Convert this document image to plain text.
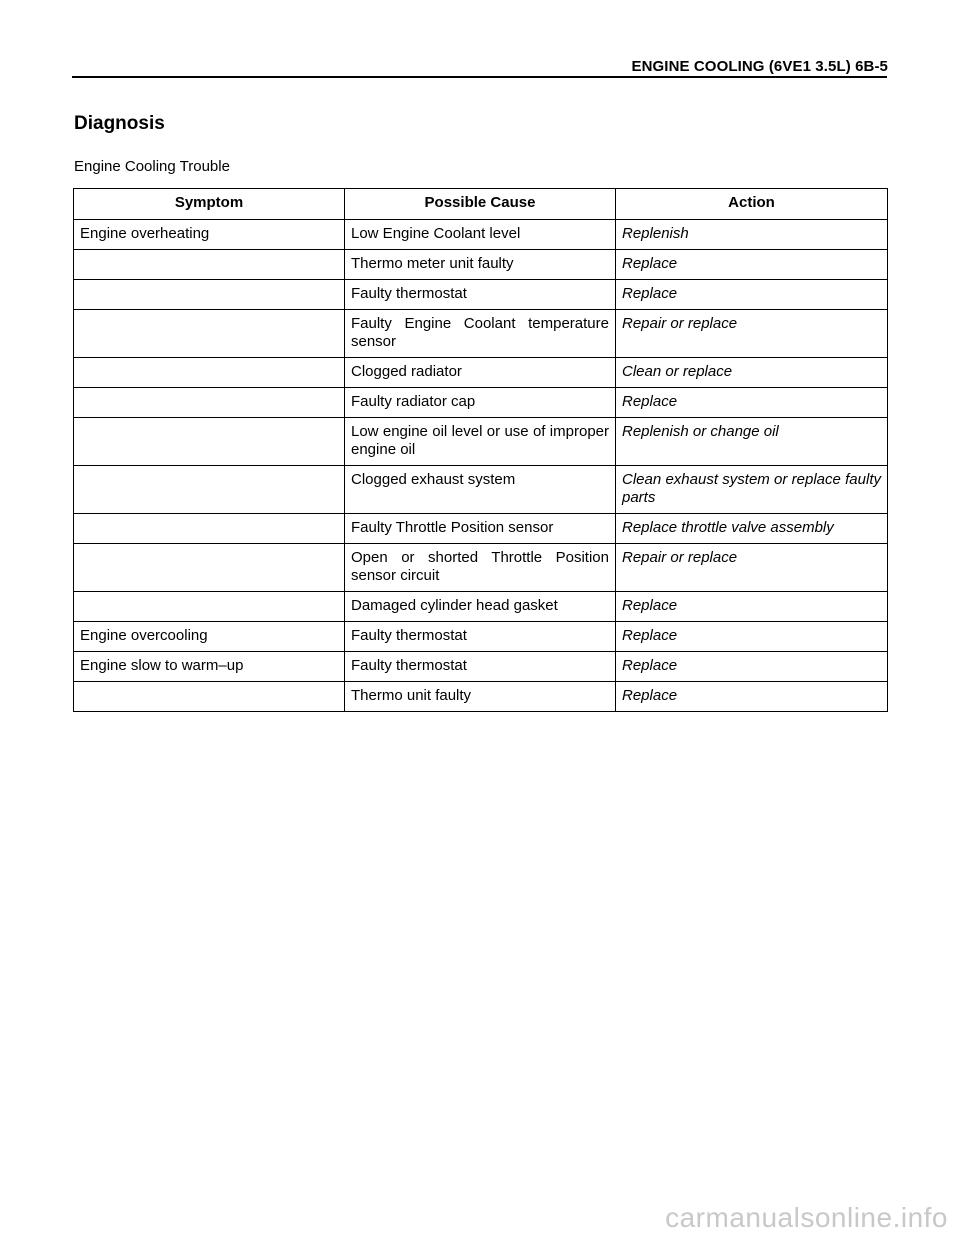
ENGINE COOLING (6VE1 3.5L) 6B-5
Diagnosis
Engine Cooling Trouble
Symptom	Possible Cause	Action
Engine overheating	Low Engine Coolant level	Replenish
	Thermo meter unit faulty	Replace
	Faulty thermostat	Replace
	Faulty Engine Coolant temperature sensor	Repair or replace
	Clogged radiator	Clean or replace
	Faulty radiator cap	Replace
	Low engine oil level or use of improper engine oil	Replenish or change oil
	Clogged exhaust system	Clean exhaust system or replace faulty parts
	Faulty Throttle Position sensor	Replace throttle valve assembly
	Open or shorted Throttle Position sensor circuit	Repair or replace
	Damaged cylinder head gasket	Replace
Engine overcooling	Faulty thermostat	Replace
Engine slow to warm–up	Faulty thermostat	Replace
	Thermo unit faulty	Replace
carmanualsonline.info
